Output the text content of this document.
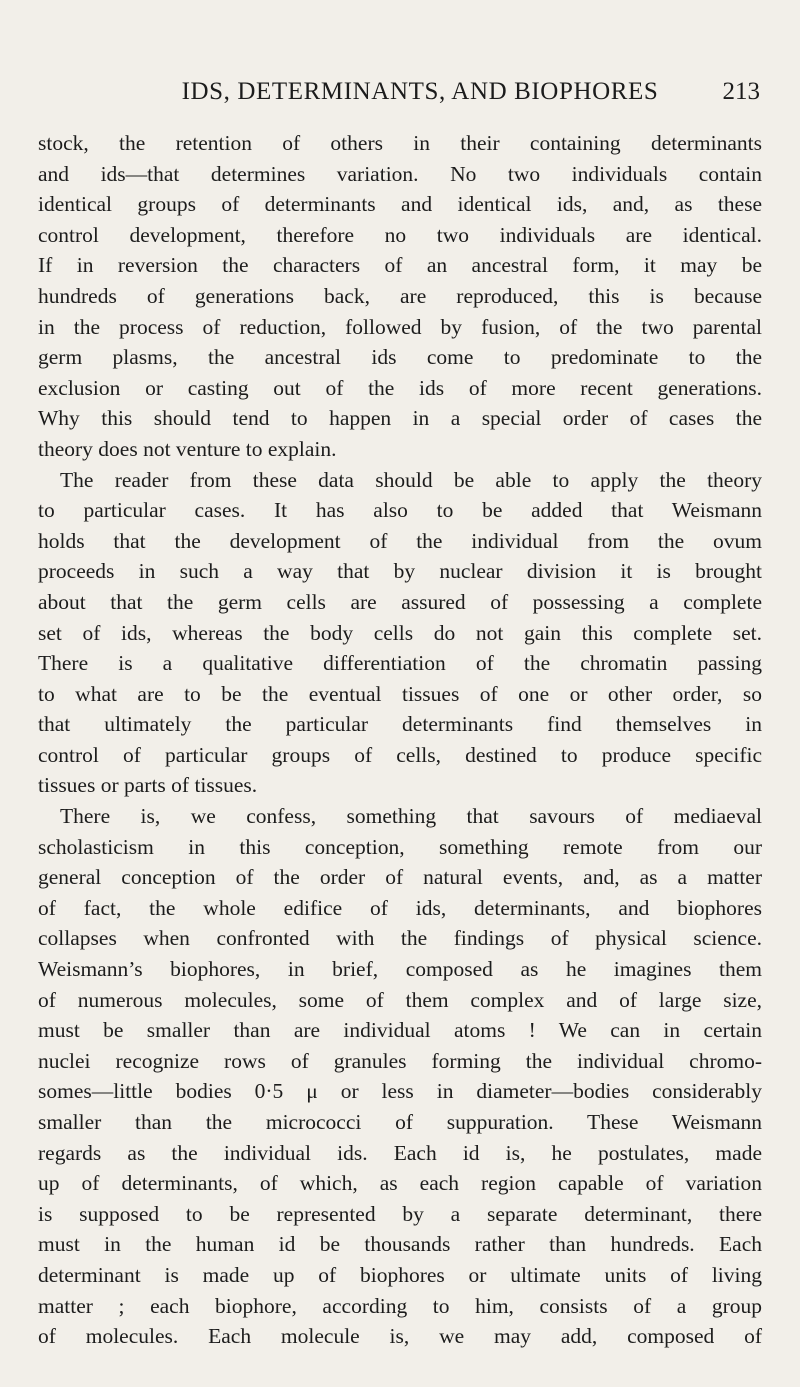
IDS, DETERMINANTS, AND BIOPHORES	213
stock, the retention of others in their containing determinants
and ids—that determines variation. No two individuals contain
identical groups of determinants and identical ids, and, as these
control development, therefore no two individuals are identical.
If in reversion the characters of an ancestral form, it may be
hundreds of generations back, are reproduced, this is because
in the process of reduction, followed by fusion, of the two parental
germ plasms, the ancestral ids come to predominate to the
exclusion or casting out of the ids of more recent generations.
Why this should tend to happen in a special order of cases the
theory does not venture to explain.
The reader from these data should be able to apply the theory
to particular cases. It has also to be added that Weismann
holds that the development of the individual from the ovum
proceeds in such a way that by nuclear division it is brought
about that the germ cells are assured of possessing a complete
set of ids, whereas the body cells do not gain this complete set.
There is a qualitative differentiation of the chromatin passing
to what are to be the eventual tissues of one or other order, so
that ultimately the particular determinants find themselves in
control of particular groups of cells, destined to produce specific
tissues or parts of tissues.
There is, we confess, something that savours of mediaeval
scholasticism in this conception, something remote from our
general conception of the order of natural events, and, as a matter
of fact, the whole edifice of ids, determinants, and biophores
collapses when confronted with the findings of physical science.
Weismann’s biophores, in brief, composed as he imagines them
of numerous molecules, some of them complex and of large size,
must be smaller than are individual atoms ! We can in certain
nuclei recognize rows of granules forming the individual chromo-
somes—little bodies 0·5 μ or less in diameter—bodies considerably
smaller than the micrococci of suppuration. These Weismann
regards as the individual ids. Each id is, he postulates, made
up of determinants, of which, as each region capable of variation
is supposed to be represented by a separate determinant, there
must in the human id be thousands rather than hundreds. Each
determinant is made up of biophores or ultimate units of living
matter ; each biophore, according to him, consists of a group
of molecules. Each molecule is, we may add, composed of
